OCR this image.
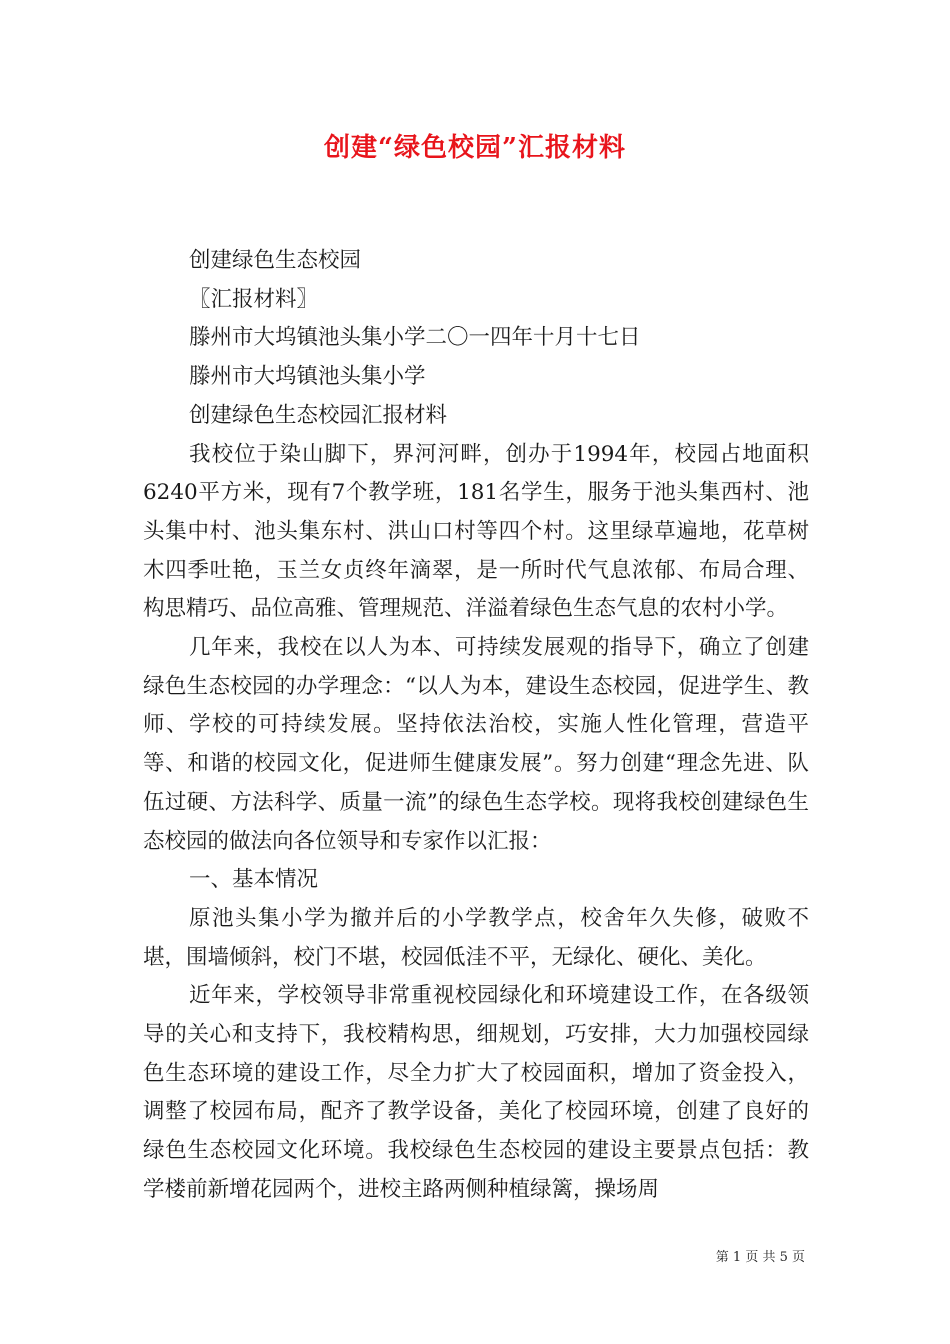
创建“绿色校园”汇报材料
创建绿色生态校园
〖汇报材料〗
滕州市大坞镇池头集小学二〇一四年十月十七日
滕州市大坞镇池头集小学
创建绿色生态校园汇报材料

我校位于染山脚下，界河河畔，创办于1994年，校园占地面积6240平方米，现有7个教学班，181名学生，服务于池头集西村、池头集中村、池头集东村、洪山口村等四个村。这里绿草遍地，花草树木四季吐艳，玉兰女贞终年滴翠，是一所时代气息浓郁、布局合理、构思精巧、品位高雅、管理规范、洋溢着绿色生态气息的农村小学。

几年来，我校在以人为本、可持续发展观的指导下，确立了创建绿色生态校园的办学理念：“以人为本，建设生态校园，促进学生、教师、学校的可持续发展。坚持依法治校，实施人性化管理，营造平等、和谐的校园文化，促进师生健康发展”。努力创建“理念先进、队伍过硬、方法科学、质量一流”的绿色生态学校。现将我校创建绿色生态校园的做法向各位领导和专家作以汇报：

一、基本情况

原池头集小学为撤并后的小学教学点，校舍年久失修，破败不堪，围墙倾斜，校门不堪，校园低洼不平，无绿化、硬化、美化。

近年来，学校领导非常重视校园绿化和环境建设工作，在各级领导的关心和支持下，我校精构思，细规划，巧安排，大力加强校园绿色生态环境的建设工作，尽全力扩大了校园面积，增加了资金投入，调整了校园布局，配齐了教学设备，美化了校园环境，创建了良好的绿色生态校园文化环境。我校绿色生态校园的建设主要景点包括：教学楼前新增花园两个，进校主路两侧种植绿篱，操场周

第 1 页 共 5 页
